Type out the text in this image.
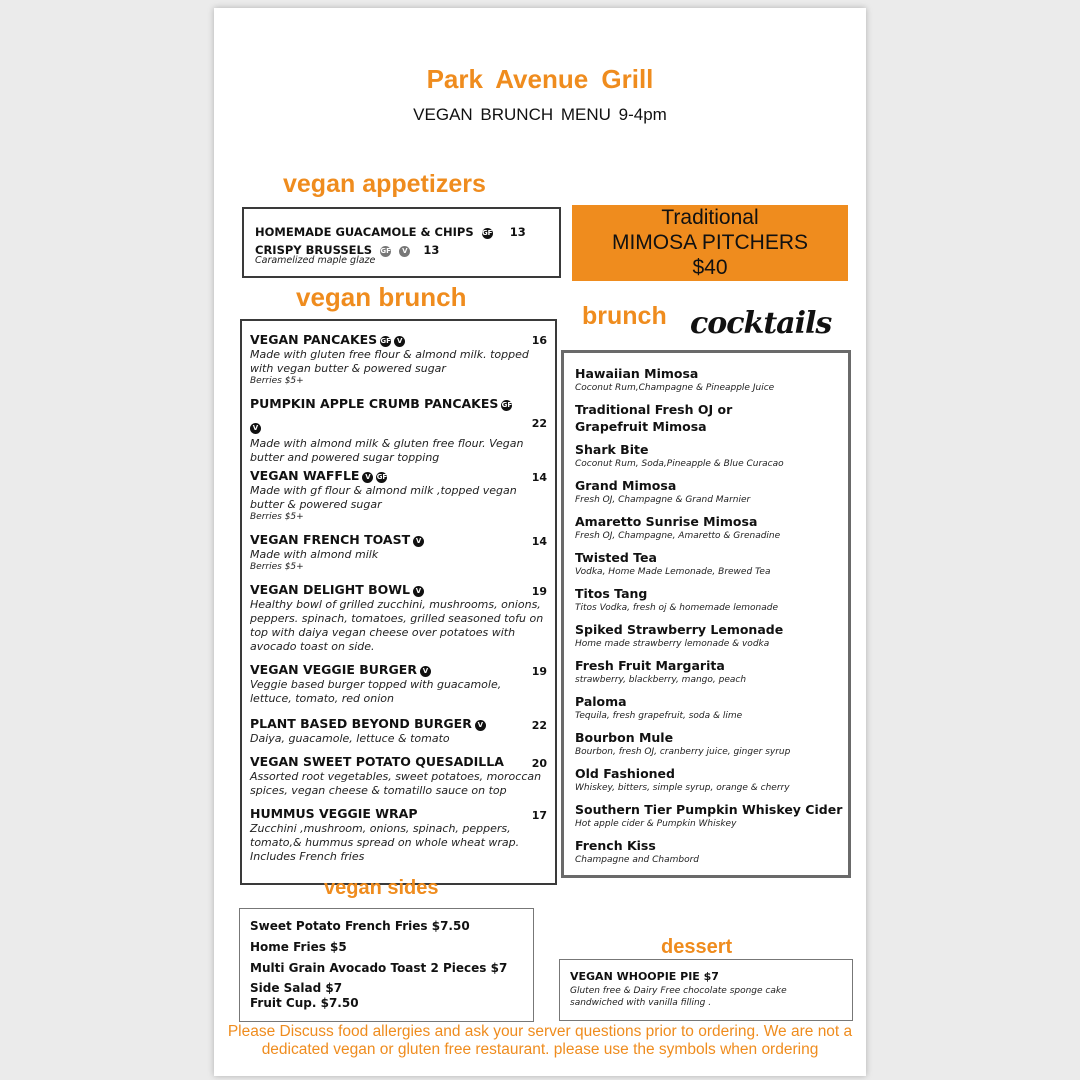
Park Avenue Grill
VEGAN BRUNCH MENU 9-4pm
vegan appetizers
HOMEMADE GUACAMOLE & CHIPS GF 13
CRISPY BRUSSELS GF V 13
Caramelized maple glaze
Traditional
MIMOSA PITCHERS
$40
vegan brunch
VEGAN PANCAKES GF V
Made with gluten free flour & almond milk. topped with vegan butter & powered sugar
Berries $5+
16
PUMPKIN APPLE CRUMB PANCAKES GF
V
Made with almond milk & gluten free flour. Vegan butter and powered sugar topping
22
VEGAN WAFFLE V GF
Made with gf flour & almond milk ,topped vegan butter & powered sugar
Berries $5+
14
VEGAN FRENCH TOAST V
Made with almond milk
Berries $5+
14
VEGAN DELIGHT BOWL V
Healthy bowl of grilled zucchini, mushrooms, onions, peppers. spinach, tomatoes, grilled seasoned tofu on top with daiya vegan cheese over potatoes with avocado toast on side.
19
VEGAN VEGGIE BURGER V
Veggie based burger topped with guacamole, lettuce, tomato, red onion
19
PLANT BASED BEYOND BURGER V
Daiya, guacamole, lettuce & tomato
22
VEGAN SWEET POTATO QUESADILLA
Assorted root vegetables, sweet potatoes, moroccan spices, vegan cheese & tomatillo sauce on top
20
HUMMUS VEGGIE WRAP
Zucchini ,mushroom, onions, spinach, peppers, tomato,& hummus spread on whole wheat wrap. Includes French fries
17
brunch cocktails
Hawaiian Mimosa
Coconut Rum,Champagne & Pineapple Juice
Traditional Fresh OJ or
Grapefruit Mimosa
Shark Bite
Coconut Rum, Soda,Pineapple & Blue Curacao
Grand Mimosa
Fresh OJ, Champagne & Grand Marnier
Amaretto Sunrise Mimosa
Fresh OJ, Champagne, Amaretto & Grenadine
Twisted Tea
Vodka, Home Made Lemonade, Brewed Tea
Titos Tang
Titos Vodka, fresh oj & homemade lemonade
Spiked Strawberry Lemonade
Home made strawberry lemonade & vodka
Fresh Fruit Margarita
strawberry, blackberry, mango, peach
Paloma
Tequila, fresh grapefruit, soda & lime
Bourbon Mule
Bourbon, fresh OJ, cranberry juice, ginger syrup
Old Fashioned
Whiskey, bitters, simple syrup, orange & cherry
Southern Tier Pumpkin Whiskey Cider
Hot apple cider & Pumpkin Whiskey
French Kiss
Champagne and Chambord
vegan sides
Sweet Potato French Fries $7.50
Home Fries $5
Multi Grain Avocado Toast 2 Pieces $7
Side Salad $7
Fruit Cup. $7.50
dessert
VEGAN WHOOPIE PIE $7
Gluten free & Dairy Free chocolate sponge cake sandwiched with vanilla filling .
Please Discuss food allergies and ask your server questions prior to ordering. We are not a dedicated vegan or gluten free restaurant. please use the symbols when ordering
